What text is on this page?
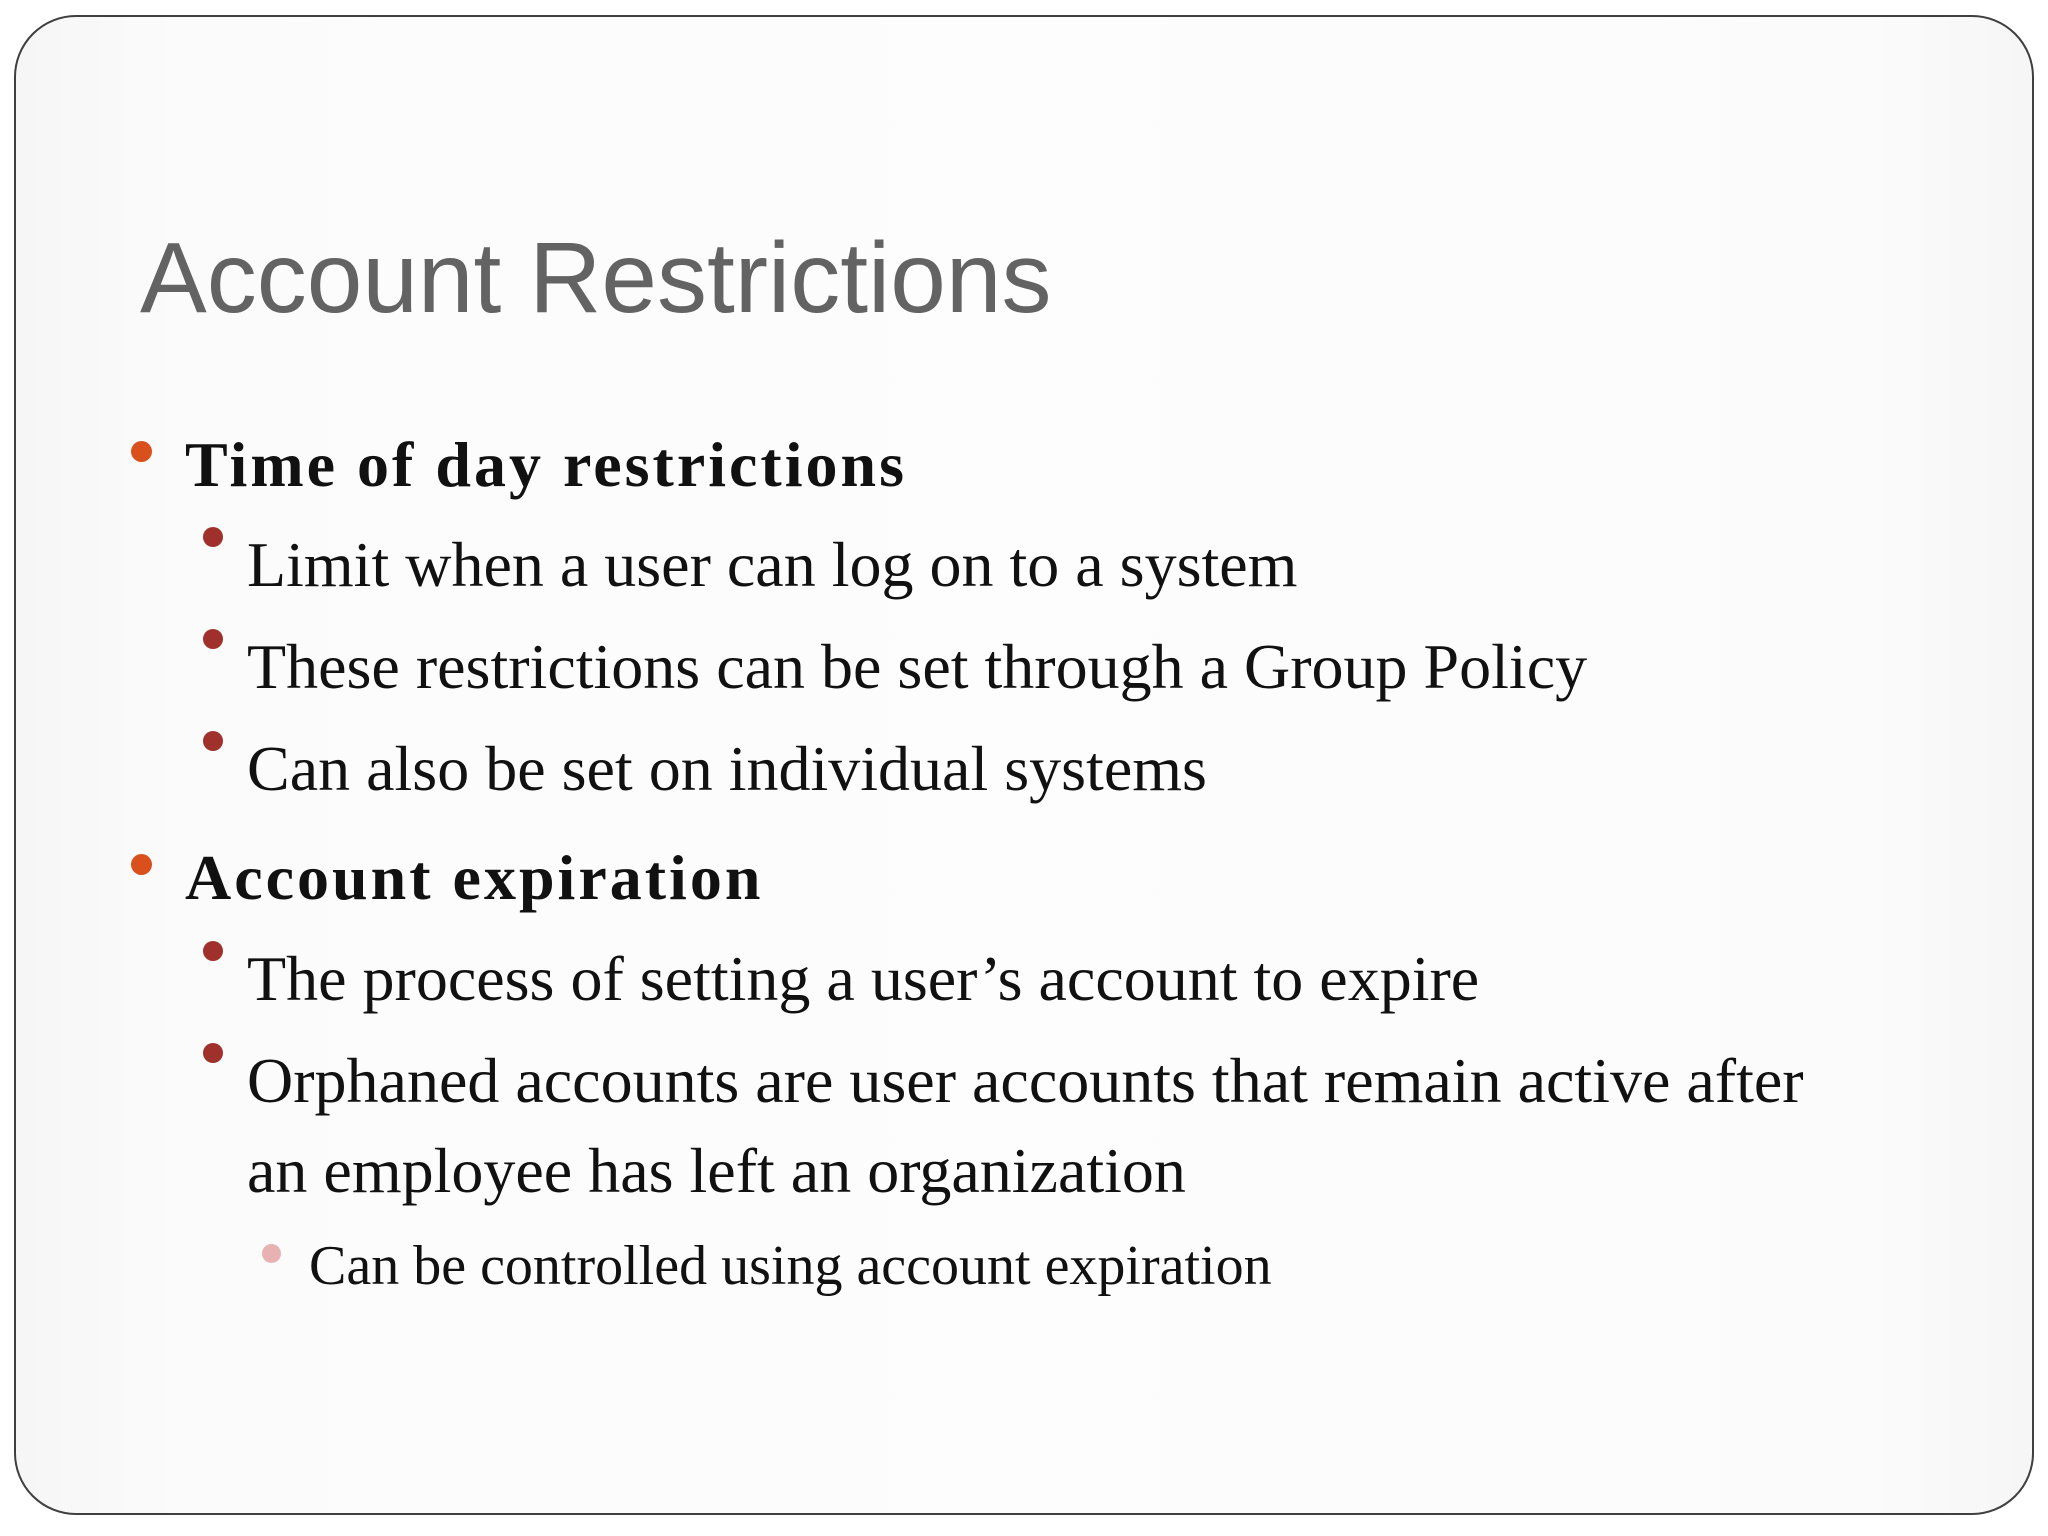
Account Restrictions
Time of day restrictions
Limit when a user can log on to a system
These restrictions can be set through a Group Policy
Can also be set on individual systems
Account expiration
The process of setting a user’s account to expire
Orphaned accounts are user accounts that remain active after an employee has left an organization
Can be controlled using account expiration
